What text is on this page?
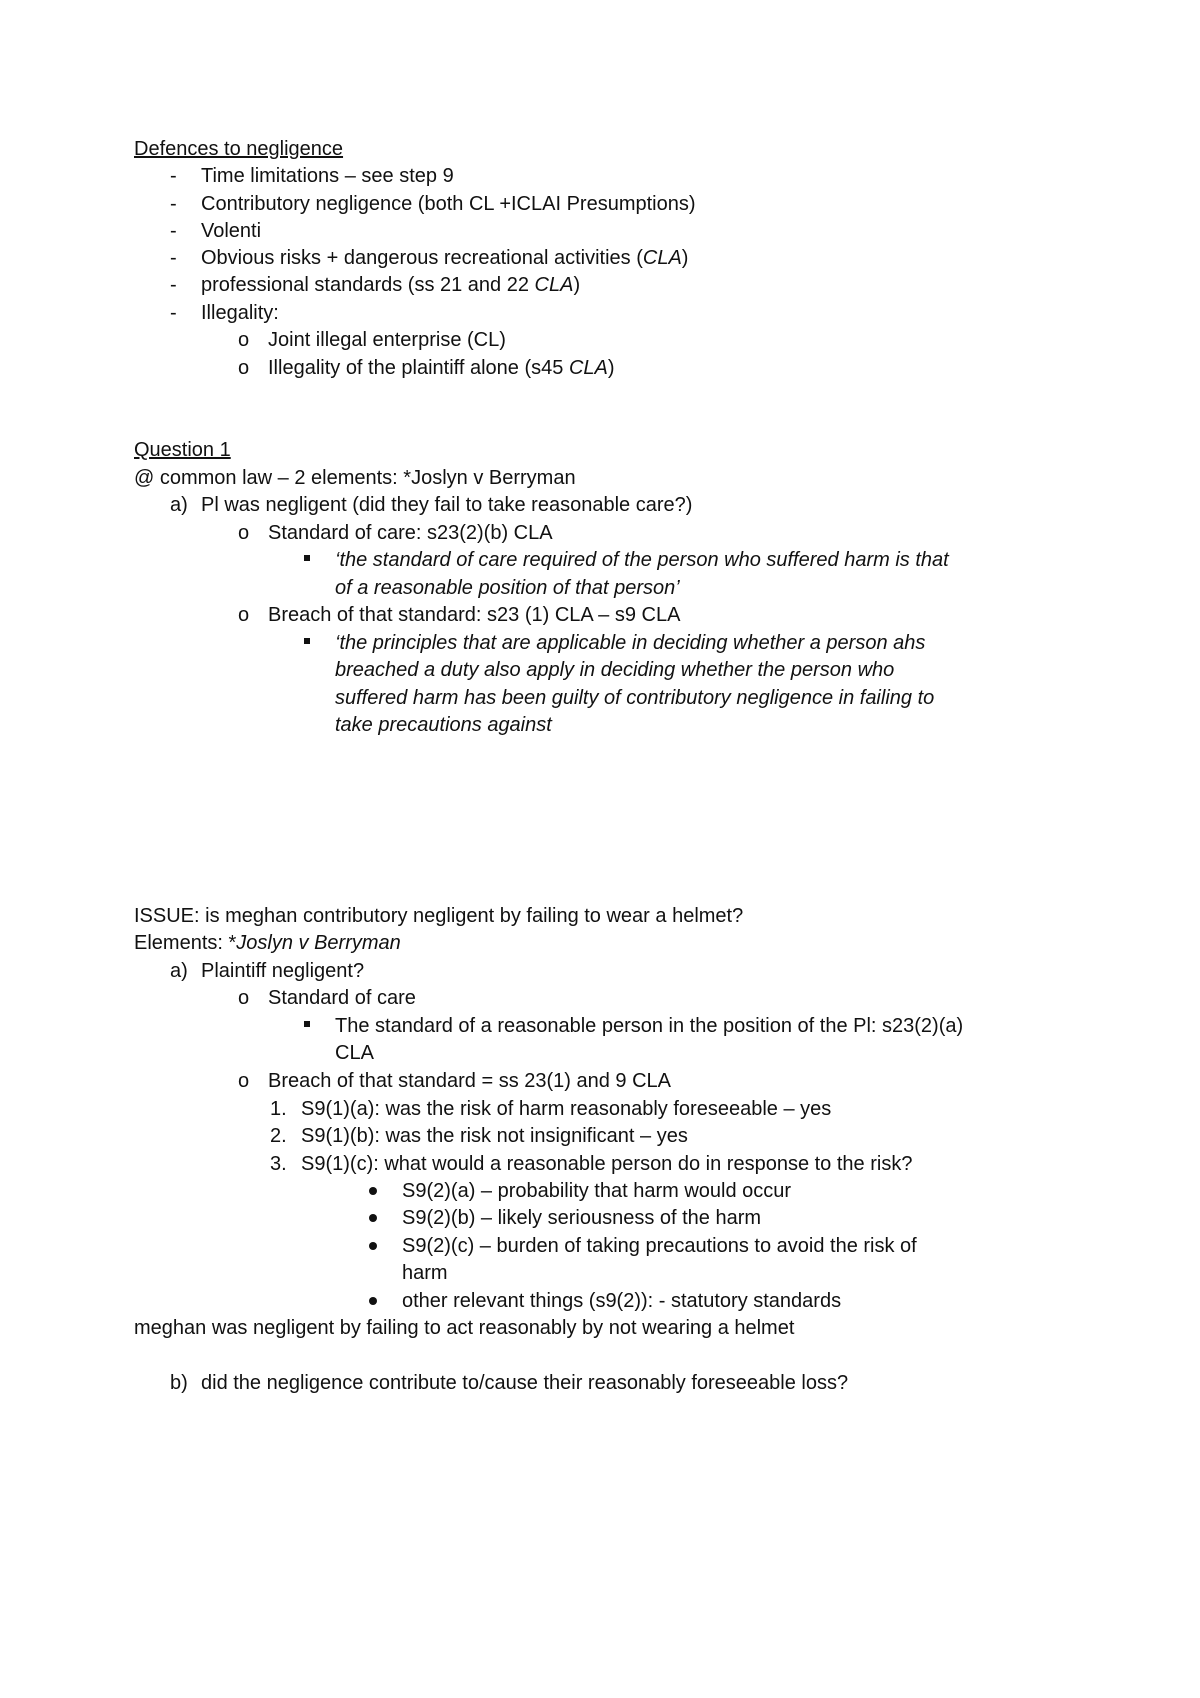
Defences to negligence
- Time limitations – see step 9
- Contributory negligence (both CL +ICLAI Presumptions)
- Volenti
- Obvious risks + dangerous recreational activities (CLA)
- professional standards (ss 21 and 22 CLA)
- Illegality:
o Joint illegal enterprise (CL)
o Illegality of the plaintiff alone (s45 CLA)
Question 1
@ common law – 2 elements: *Joslyn v Berryman
a) Pl was negligent (did they fail to take reasonable care?)
o Standard of care: s23(2)(b) CLA
‘the standard of care required of the person who suffered harm is that
of a reasonable position of that person’
o Breach of that standard: s23 (1) CLA – s9 CLA
‘the principles that are applicable in deciding whether a person ahs
breached a duty also apply in deciding whether the person who
suffered harm has been guilty of contributory negligence in failing to
take precautions against
ISSUE: is meghan contributory negligent by failing to wear a helmet?
Elements: *Joslyn v Berryman
a) Plaintiff negligent?
o Standard of care
The standard of a reasonable person in the position of the Pl: s23(2)(a)
CLA
o Breach of that standard = ss 23(1) and 9 CLA
1. S9(1)(a): was the risk of harm reasonably foreseeable – yes
2. S9(1)(b): was the risk not insignificant – yes
3. S9(1)(c): what would a reasonable person do in response to the risk?
S9(2)(a) – probability that harm would occur
S9(2)(b) – likely seriousness of the harm
S9(2)(c) – burden of taking precautions to avoid the risk of
harm
other relevant things (s9(2)): - statutory standards
meghan was negligent by failing to act reasonably by not wearing a helmet
b) did the negligence contribute to/cause their reasonably foreseeable loss?
